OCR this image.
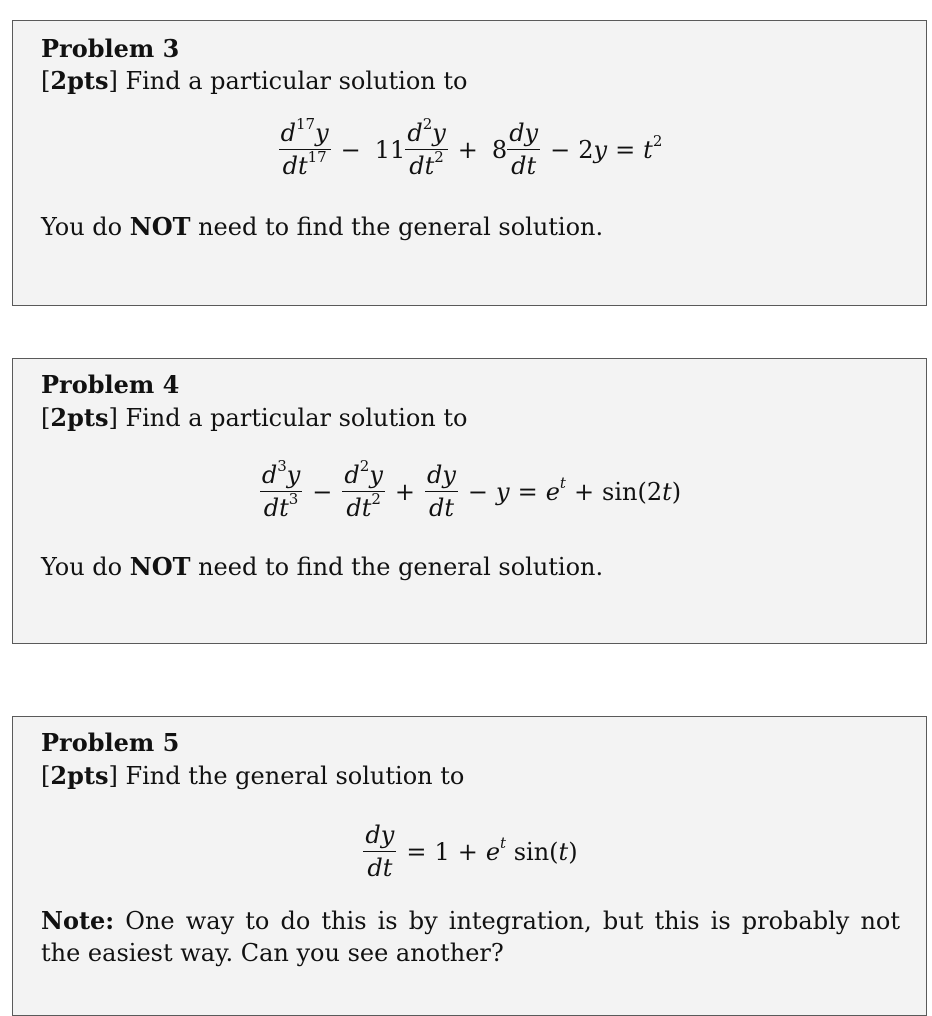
Problem 3
[2pts] Find a particular solution to
$\frac{d^{17}y}{dt^{17}} - 11 \frac{d^2y}{dt^2} + 8 \frac{dy}{dt} - 2y = t^2$
You do NOT need to find the general solution.
Problem 4
[2pts] Find a particular solution to
$\frac{d^3y}{dt^3} - \frac{d^2y}{dt^2} + \frac{dy}{dt} - y = e^t + \sin(2t)$
You do NOT need to find the general solution.
Problem 5
[2pts] Find the general solution to
$\frac{dy}{dt} = 1 + e^t$ sin(t)
Note: One way to do this is by integration, but this is probably not the easiest way. Can you see another?
